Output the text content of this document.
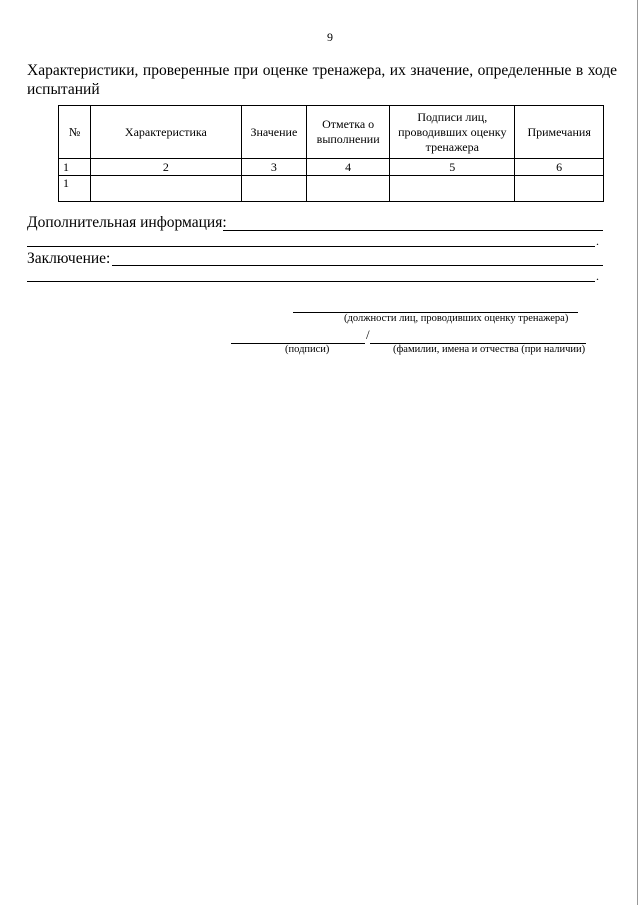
9
Характеристики, проверенные при оценке тренажера, их значение, определенные в ходе испытаний
№	Характеристика	Значение	Отметка о выполнении	Подписи лиц, проводивших оценку тренажера	Примечания
1	2	3	4	5	6
1					
Дополнительная информация:
.
Заключение:
.
(должности лиц, проводивших оценку тренажера)
/
(подписи)	(фамилии, имена и отчества (при наличии)
